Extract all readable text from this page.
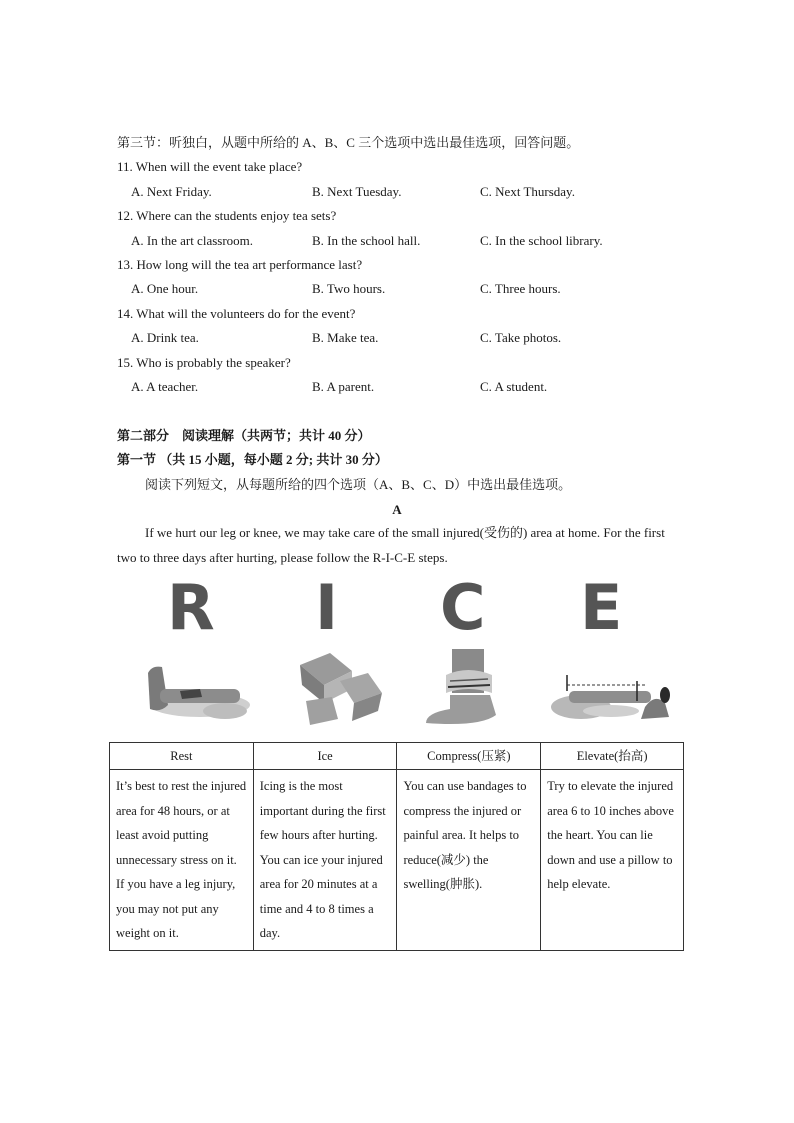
第三节：听独白，从题中所给的 A、B、C 三个选项中选出最佳选项，回答问题。
11. When will the event take place?
A. Next Friday.	B. Next Tuesday.	C. Next Thursday.
12. Where can the students enjoy tea sets?
A. In the art classroom.	B. In the school hall.	C. In the school library.
13. How long will the tea art performance last?
A. One hour.	B. Two hours.	C. Three hours.
14. What will the volunteers do for the event?
A. Drink tea.	B. Make tea.	C. Take photos.
15. Who is probably the speaker?
A. A teacher.	B. A parent.	C. A student.
第二部分　阅读理解（共两节；共计 40 分）
第一节 （共 15 小题，每小题 2 分; 共计 30 分）
阅读下列短文，从每题所给的四个选项（A、B、C、D）中选出最佳选项。
A
If we hurt our leg or knee, we may take care of the small injured(受伤的) area at home. For the first two to three days after hurting, please follow the R-I-C-E steps.
R I C E
Rest	Ice	Compress(压紧)	Elevate(抬高)
It’s best to rest the injured area for 48 hours, or at least avoid putting unnecessary stress on it. If you have a leg injury, you may not put any weight on it.	Icing is the most important during the first few hours after hurting. You can ice your injured area for 20 minutes at a time and 4 to 8 times a day.	You can use bandages to compress the injured or painful area. It helps to reduce(减少) the swelling(肿胀).	Try to elevate the injured area 6 to 10 inches above the heart. You can lie down and use a pillow to help elevate.
